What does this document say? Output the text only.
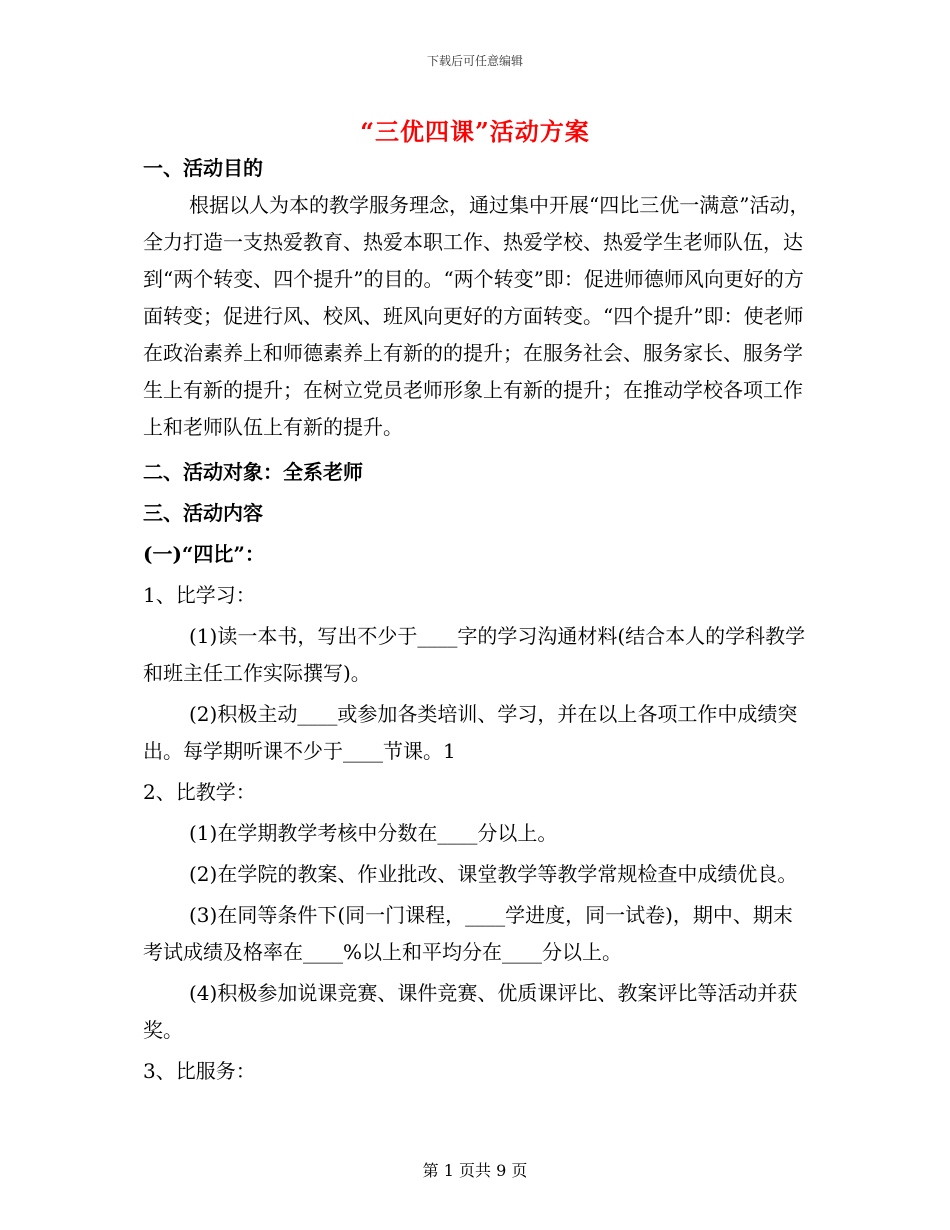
下载后可任意编辑
“三优四课”活动方案

一、活动目的

根据以人为本的教学服务理念，通过集中开展“四比三优一满意”活动，全力打造一支热爱教育、热爱本职工作、热爱学校、热爱学生老师队伍，达到“两个转变、四个提升”的目的。“两个转变”即：促进师德师风向更好的方面转变；促进行风、校风、班风向更好的方面转变。“四个提升”即：使老师在政治素养上和师德素养上有新的的提升；在服务社会、服务家长、服务学生上有新的提升；在树立党员老师形象上有新的提升；在推动学校各项工作上和老师队伍上有新的提升。

二、活动对象：全系老师

三、活动内容

(一)“四比”：

1、比学习：

(1)读一本书，写出不少于____字的学习沟通材料(结合本人的学科教学和班主任工作实际撰写)。

(2)积极主动____或参加各类培训、学习，并在以上各项工作中成绩突出。每学期听课不少于____节课。1

2、比教学：

(1)在学期教学考核中分数在____分以上。

(2)在学院的教案、作业批改、课堂教学等教学常规检查中成绩优良。

(3)在同等条件下(同一门课程，____学进度，同一试卷)，期中、期末考试成绩及格率在____%以上和平均分在____分以上。

(4)积极参加说课竞赛、课件竞赛、优质课评比、教案评比等活动并获奖。

3、比服务：

第 1 页共 9 页
